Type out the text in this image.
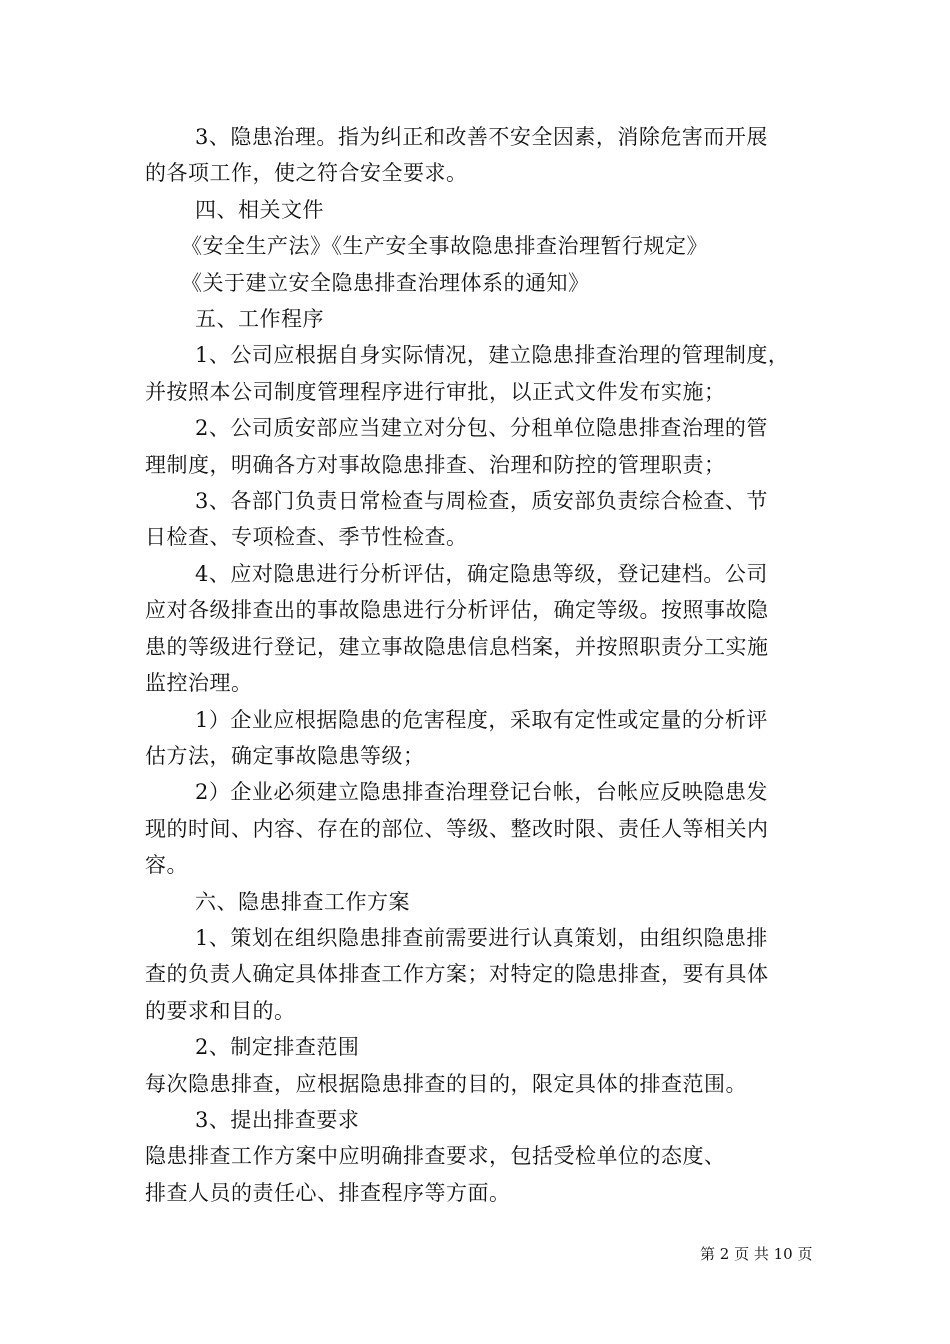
3、隐患治理。指为纠正和改善不安全因素，消除危害而开展

的各项工作，使之符合安全要求。

四、相关文件

《安全生产法》《生产安全事故隐患排查治理暂行规定》

《关于建立安全隐患排查治理体系的通知》

五、工作程序

1、公司应根据自身实际情况，建立隐患排查治理的管理制度，

并按照本公司制度管理程序进行审批，以正式文件发布实施；

2、公司质安部应当建立对分包、分租单位隐患排查治理的管

理制度，明确各方对事故隐患排查、治理和防控的管理职责；

3、各部门负责日常检查与周检查，质安部负责综合检查、节

日检查、专项检查、季节性检查。

4、应对隐患进行分析评估，确定隐患等级，登记建档。公司

应对各级排查出的事故隐患进行分析评估，确定等级。按照事故隐

患的等级进行登记，建立事故隐患信息档案，并按照职责分工实施

监控治理。

1）企业应根据隐患的危害程度，采取有定性或定量的分析评

估方法，确定事故隐患等级；

2）企业必须建立隐患排查治理登记台帐，台帐应反映隐患发

现的时间、内容、存在的部位、等级、整改时限、责任人等相关内

容。

六、隐患排查工作方案

1、策划在组织隐患排查前需要进行认真策划，由组织隐患排

查的负责人确定具体排查工作方案；对特定的隐患排查，要有具体

的要求和目的。

2、制定排查范围

每次隐患排查，应根据隐患排查的目的，限定具体的排查范围。

3、提出排查要求

隐患排查工作方案中应明确排查要求，包括受检单位的态度、

排查人员的责任心、排查程序等方面。

第 2 页 共 10 页
